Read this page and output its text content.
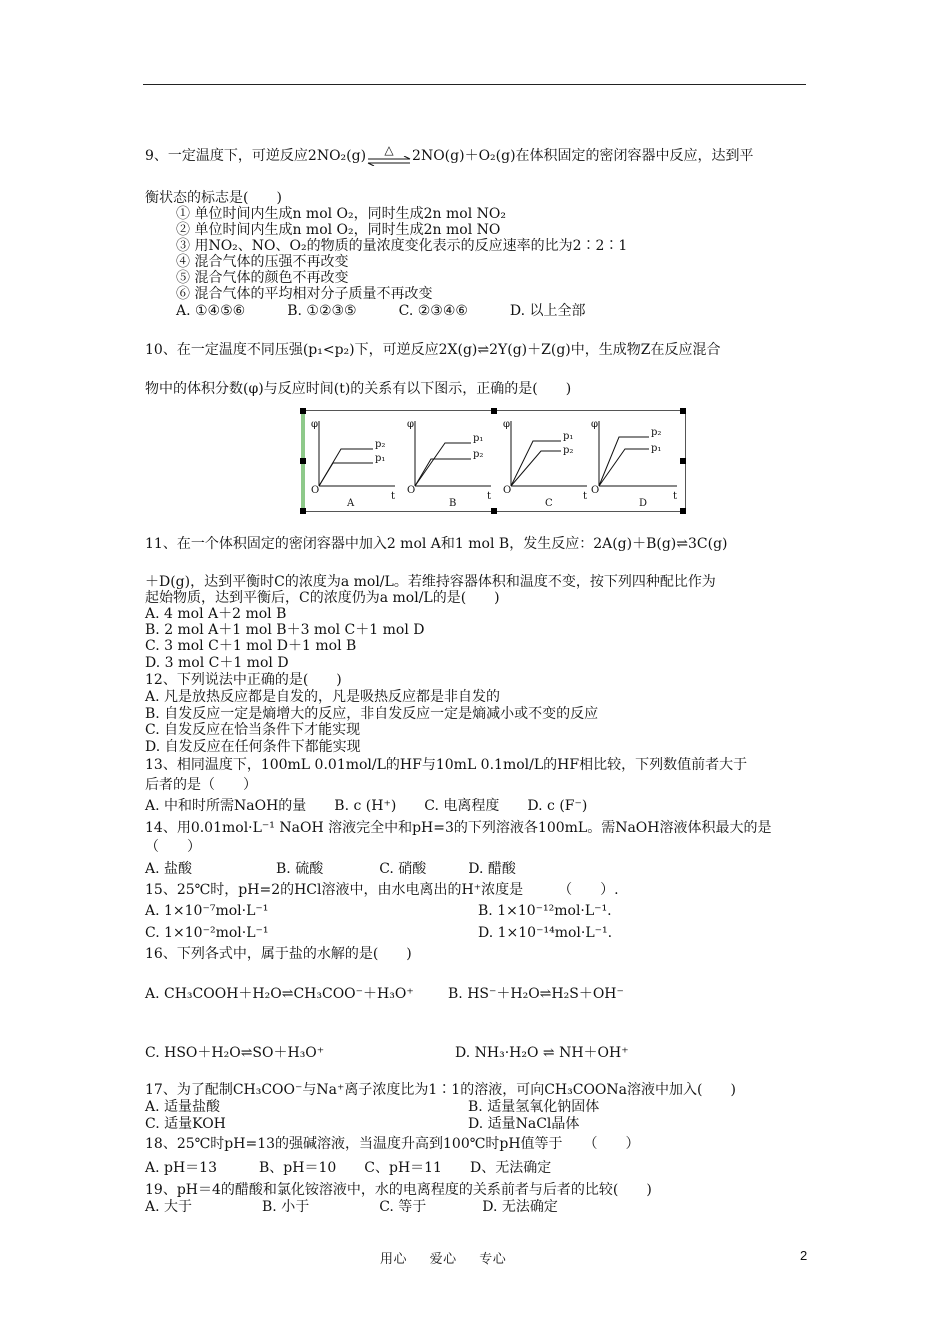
9、一定温度下，可逆反应2NO₂(g)	△	2NO(g)＋O₂(g)在体积固定的密闭容器中反应，达到平
衡状态的标志是(　　)
① 单位时间内生成n mol O₂，同时生成2n mol NO₂
② 单位时间内生成n mol O₂，同时生成2n mol NO
③ 用NO₂、NO、O₂的物质的量浓度变化表示的反应速率的比为2∶2∶1
④ 混合气体的压强不再改变
⑤ 混合气体的颜色不再改变
⑥ 混合气体的平均相对分子质量不再改变
A. ①④⑤⑥　　　B. ①②③⑤　　　C. ②③④⑥　　　D. 以上全部
10、在一定温度不同压强(p₁<p₂)下，可逆反应2X(g)⇌2Y(g)＋Z(g)中，生成物Z在反应混合
物中的体积分数(φ)与反应时间(t)的关系有以下图示，正确的是(　　)
φ
O
t
p₂
p₁
A
φ
O
t
p₁
p₂
B
φ
O
t
p₁
p₂
C
φ
O
t
p₂
p₁
D
11、在一个体积固定的密闭容器中加入2 mol A和1 mol B，发生反应：2A(g)＋B(g)⇌3C(g)
＋D(g)，达到平衡时C的浓度为a mol/L。若维持容器体积和温度不变，按下列四种配比作为
起始物质，达到平衡后，C的浓度仍为a mol/L的是(　　)
A. 4 mol A＋2 mol B
B. 2 mol A＋1 mol B＋3 mol C＋1 mol D
C. 3 mol C＋1 mol D＋1 mol B
D. 3 mol C＋1 mol D
12、下列说法中正确的是(　　)
A. 凡是放热反应都是自发的，凡是吸热反应都是非自发的
B. 自发反应一定是熵增大的反应，非自发反应一定是熵减小或不变的反应
C. 自发反应在恰当条件下才能实现
D. 自发反应在任何条件下都能实现
13、相同温度下，100mL 0.01mol/L的HF与10mL 0.1mol/L的HF相比较，下列数值前者大于
后者的是（　　）
A. 中和时所需NaOH的量　　B. c (H⁺)　　C. 电离程度　　D. c (F⁻)
14、用0.01mol·L⁻¹ NaOH 溶液完全中和pH=3的下列溶液各100mL。需NaOH溶液体积最大的是
（　　）
A. 盐酸　　　　　　B. 硫酸　　　　C. 硝酸　　　D. 醋酸
15、25℃时，pH=2的HCl溶液中，由水电离出的H⁺浓度是　　　（　　）.
A. 1×10⁻⁷mol·L⁻¹	B. 1×10⁻¹²mol·L⁻¹.
C. 1×10⁻²mol·L⁻¹	D. 1×10⁻¹⁴mol·L⁻¹.
16、下列各式中，属于盐的水解的是(　　)
A. CH₃COOH＋H₂O⇌CH₃COO⁻＋H₃O⁺ B. HS⁻＋H₂O⇌H₂S＋OH⁻
C. HSO＋H₂O⇌SO＋H₃O⁺	D. NH₃·H₂O ⇌ NH＋OH⁺
17、为了配制CH₃COO⁻与Na⁺离子浓度比为1∶1的溶液，可向CH₃COONa溶液中加入(　　)
A. 适量盐酸	B. 适量氢氧化钠固体
C. 适量KOH	D. 适量NaCl晶体
18、25℃时pH=13的强碱溶液，当温度升高到100℃时pH值等于　　（　　）
A. pH＝13　　　B、pH＝10　　C、pH＝11　　D、无法确定
19、pH＝4的醋酸和氯化铵溶液中，水的电离程度的关系前者与后者的比较(　　)
A. 大于　　　　　B. 小于　　　　　C. 等于　　　　D. 无法确定
用心 爱心 专心	2
